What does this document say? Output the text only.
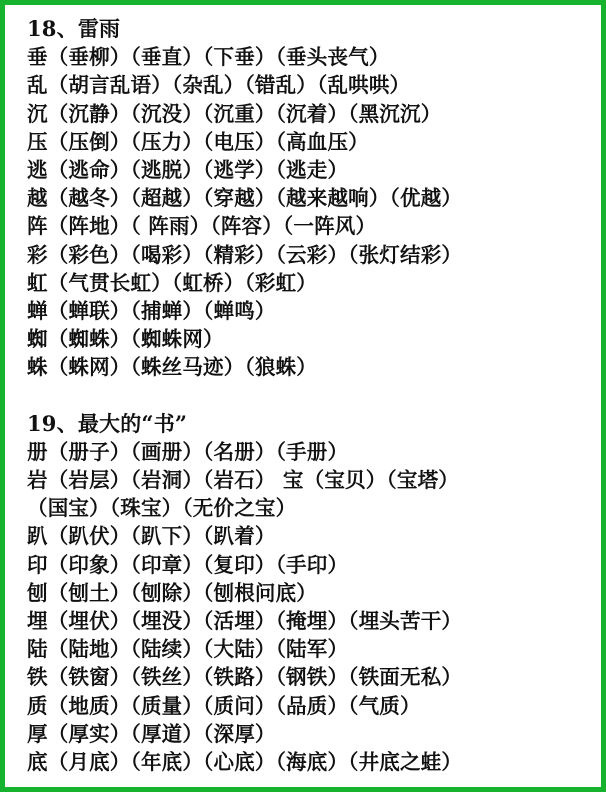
18、雷雨
垂（垂柳）（垂直）（下垂）（垂头丧气）
乱（胡言乱语）（杂乱）（错乱）（乱哄哄）
沉（沉静）（沉没）（沉重）（沉着）（黑沉沉）
压（压倒）（压力）（电压）（高血压）
逃（逃命）（逃脱）（逃学）（逃走）
越（越冬）（超越）（穿越）（越来越响）（优越）
阵（阵地）（ 阵雨）（阵容）（一阵风）
彩（彩色）（喝彩）（精彩）（云彩）（张灯结彩）
虹（气贯长虹）（虹桥）（彩虹）
蝉（蝉联）（捕蝉）（蝉鸣）
蜘（蜘蛛）（蜘蛛网）
蛛（蛛网）（蛛丝马迹）（狼蛛）
19、最大的“书”
册（册子）（画册）（名册）（手册）
岩（岩层）（岩洞）（岩石） 宝（宝贝）（宝塔）
（国宝）（珠宝）（无价之宝）
趴（趴伏）（趴下）（趴着）
印（印象）（印章）（复印）（手印）
刨（刨土）（刨除）（刨根问底）
埋（埋伏）（埋没）（活埋）（掩埋）（埋头苦干）
陆（陆地）（陆续）（大陆）（陆军）
铁（铁窗）（铁丝）（铁路）（钢铁）（铁面无私）
质（地质）（质量）（质问）（品质）（气质）
厚（厚实）（厚道）（深厚）
底（月底）（年底）（心底）（海底）（井底之蛙）
